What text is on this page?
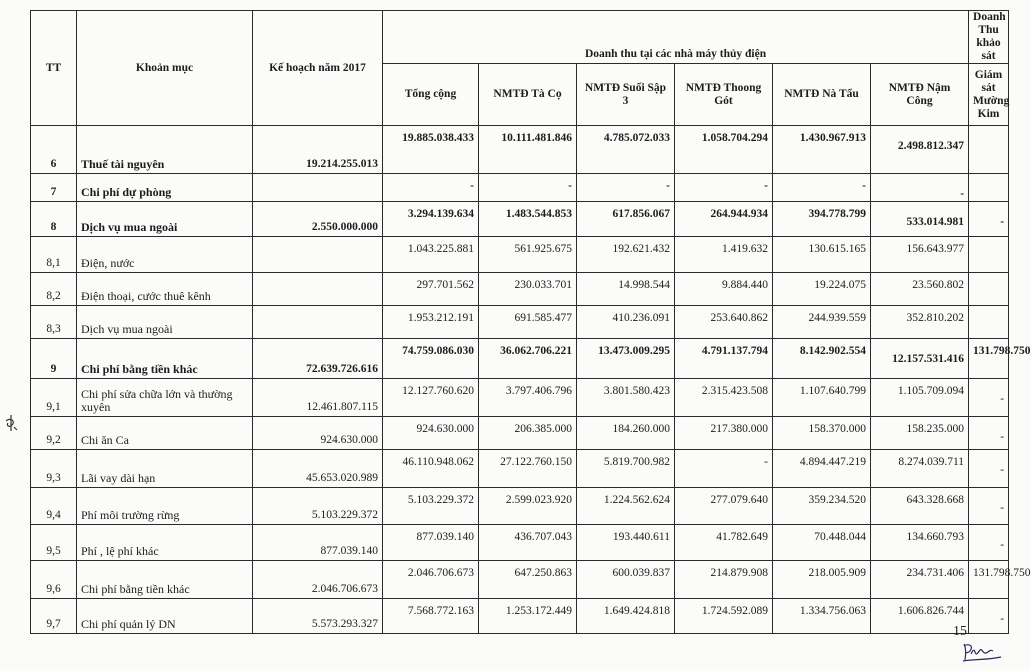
TT	Khoản mục	Kế hoạch năm 2017	Doanh thu tại các nhà máy thủy điện						Doanh Thu khảo sát
			Tổng cộng	NMTĐ Tà Cọ	NMTĐ Suối Sập 3	NMTĐ Thoong Gót	NMTĐ Nà Tẩu	NMTĐ Nậm Công	Giám sát Mường Kim
6	Thuế tài nguyên	19.214.255.013	19.885.038.433	10.111.481.846	4.785.072.033	1.058.704.294	1.430.967.913	2.498.812.347	
7	Chi phí dự phòng		-	-	-	-	-	-	
8	Dịch vụ mua ngoài	2.550.000.000	3.294.139.634	1.483.544.853	617.856.067	264.944.934	394.778.799	533.014.981	-
8,1	Điện, nước		1.043.225.881	561.925.675	192.621.432	1.419.632	130.615.165	156.643.977	
8,2	Điện thoại, cước thuê kênh		297.701.562	230.033.701	14.998.544	9.884.440	19.224.075	23.560.802	
8,3	Dịch vụ mua ngoài		1.953.212.191	691.585.477	410.236.091	253.640.862	244.939.559	352.810.202	
9	Chi phí bằng tiền khác	72.639.726.616	74.759.086.030	36.062.706.221	13.473.009.295	4.791.137.794	8.142.902.554	12.157.531.416	131.798.750
9,1	Chi phí sửa chữa lớn và thường xuyên	12.461.807.115	12.127.760.620	3.797.406.796	3.801.580.423	2.315.423.508	1.107.640.799	1.105.709.094	-
9,2	Chi ăn Ca	924.630.000	924.630.000	206.385.000	184.260.000	217.380.000	158.370.000	158.235.000	-
9,3	Lãi vay dài hạn	45.653.020.989	46.110.948.062	27.122.760.150	5.819.700.982	-	4.894.447.219	8.274.039.711	-
9,4	Phí môi trường rừng	5.103.229.372	5.103.229.372	2.599.023.920	1.224.562.624	277.079.640	359.234.520	643.328.668	-
9,5	Phí , lệ phí khác	877.039.140	877.039.140	436.707.043	193.440.611	41.782.649	70.448.044	134.660.793	-
9,6	Chi phí bằng tiền khác	2.046.706.673	2.046.706.673	647.250.863	600.039.837	214.879.908	218.005.909	234.731.406	131.798.750
9,7	Chi phí quản lý DN	5.573.293.327	7.568.772.163	1.253.172.449	1.649.424.818	1.724.592.089	1.334.756.063	1.606.826.744	-
15
